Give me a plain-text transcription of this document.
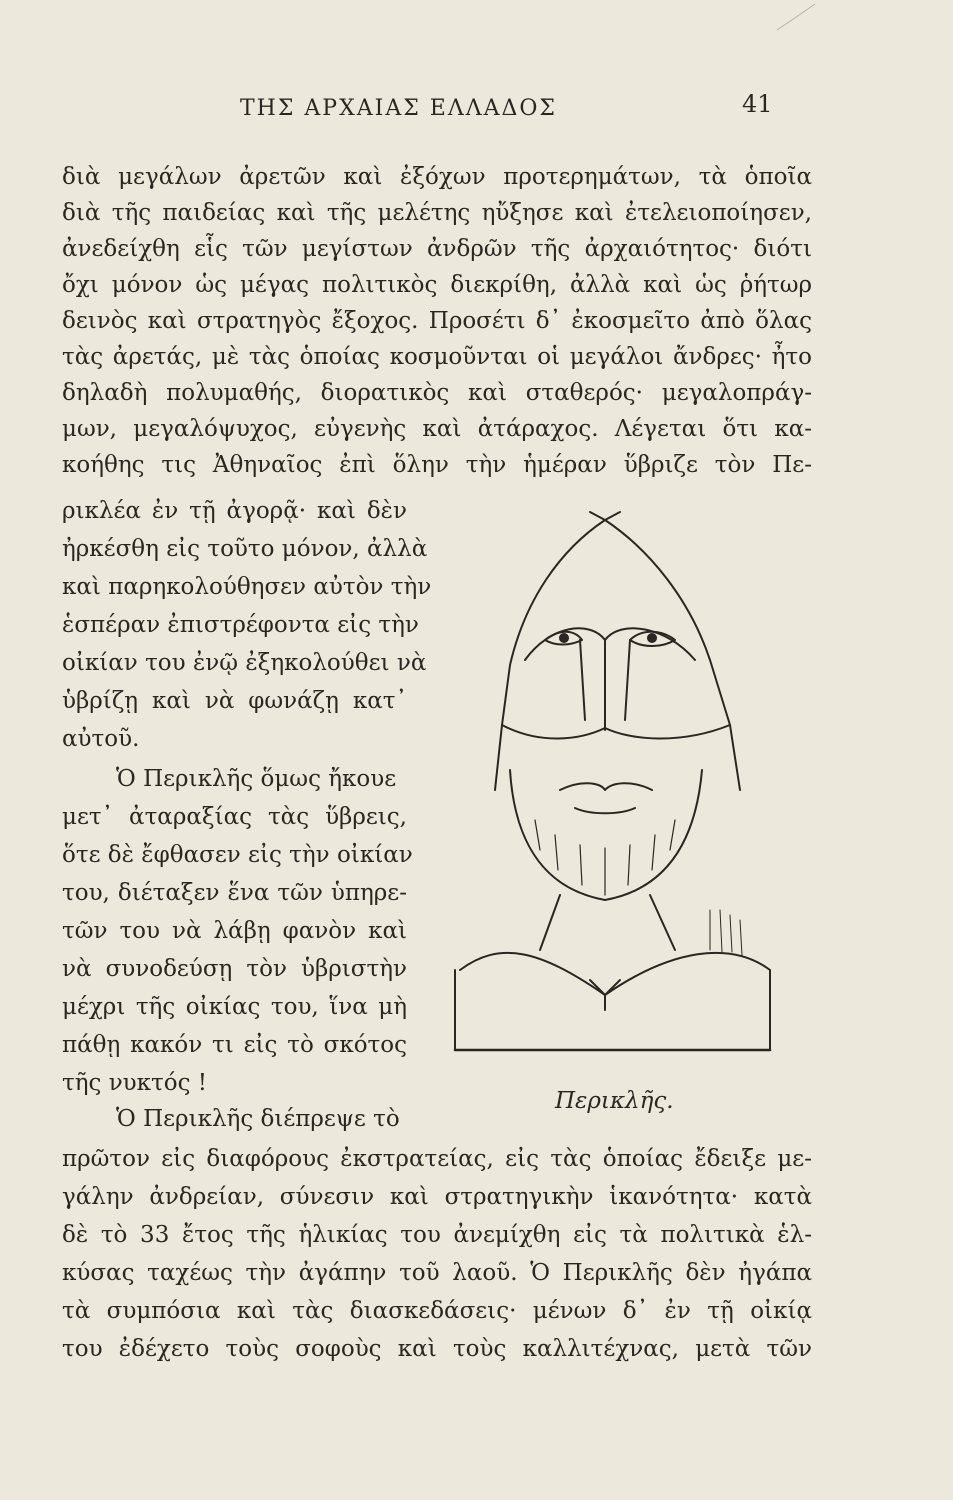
ΤΗΣ ΑΡΧΑΙΑΣ ΕΛΛΑΔΟΣ	41
διὰ μεγάλων ἀρετῶν καὶ ἐξόχων προτερημάτων, τὰ ὁποῖα
διὰ τῆς παιδείας καὶ τῆς μελέτης ηὔξησε καὶ ἐτελειοποίησεν,
ἀνεδείχθη εἷς τῶν μεγίστων ἀνδρῶν τῆς ἀρχαιότητος· διότι
ὄχι μόνον ὡς μέγας πολιτικὸς διεκρίθη, ἀλλὰ καὶ ὡς ῥήτωρ
δεινὸς καὶ στρατηγὸς ἔξοχος. Προσέτι δ᾽ ἐκοσμεῖτο ἀπὸ ὅλας
τὰς ἀρετάς, μὲ τὰς ὁποίας κοσμοῦνται οἱ μεγάλοι ἄνδρες· ἦτο
δηλαδὴ πολυμαθής, διορατικὸς καὶ σταθερός· μεγαλοπράγ-
μων, μεγαλόψυχος, εὐγενὴς καὶ ἀτάραχος. Λέγεται ὅτι κα-
κοήθης τις Ἀθηναῖος ἐπὶ ὅλην τὴν ἡμέραν ὕβριζε τὸν Πε-
ρικλέα ἐν τῇ ἀγορᾷ· καὶ δὲν
ἠρκέσθη εἰς τοῦτο μόνον, ἀλλὰ
καὶ παρηκολούθησεν αὐτὸν τὴν
ἑσπέραν ἐπιστρέφοντα εἰς τὴν
οἰκίαν του ἐνῷ ἐξηκολούθει νὰ
ὑβρίζῃ καὶ νὰ φωνάζῃ κατ᾽
αὐτοῦ.
Ὁ Περικλῆς ὅμως ἤκουε
μετ᾽ ἀταραξίας τὰς ὕβρεις,
ὅτε δὲ ἔφθασεν εἰς τὴν οἰκίαν
του, διέταξεν ἕνα τῶν ὑπηρε-
τῶν του νὰ λάβῃ φανὸν καὶ
νὰ συνοδεύσῃ τὸν ὑβριστὴν
μέχρι τῆς οἰκίας του, ἵνα μὴ
πάθῃ κακόν τι εἰς τὸ σκότος
τῆς νυκτός !
Ὁ Περικλῆς διέπρεψε τὸ
Περικλῆς.
πρῶτον εἰς διαφόρους ἐκστρατείας, εἰς τὰς ὁποίας ἔδειξε με-
γάλην ἀνδρείαν, σύνεσιν καὶ στρατηγικὴν ἱκανότητα· κατὰ
δὲ τὸ 33 ἔτος τῆς ἡλικίας του ἀνεμίχθη εἰς τὰ πολιτικὰ ἑλ-
κύσας ταχέως τὴν ἀγάπην τοῦ λαοῦ. Ὁ Περικλῆς δὲν ἠγάπα
τὰ συμπόσια καὶ τὰς διασκεδάσεις· μένων δ᾽ ἐν τῇ οἰκίᾳ
του ἐδέχετο τοὺς σοφοὺς καὶ τοὺς καλλιτέχνας, μετὰ τῶν
